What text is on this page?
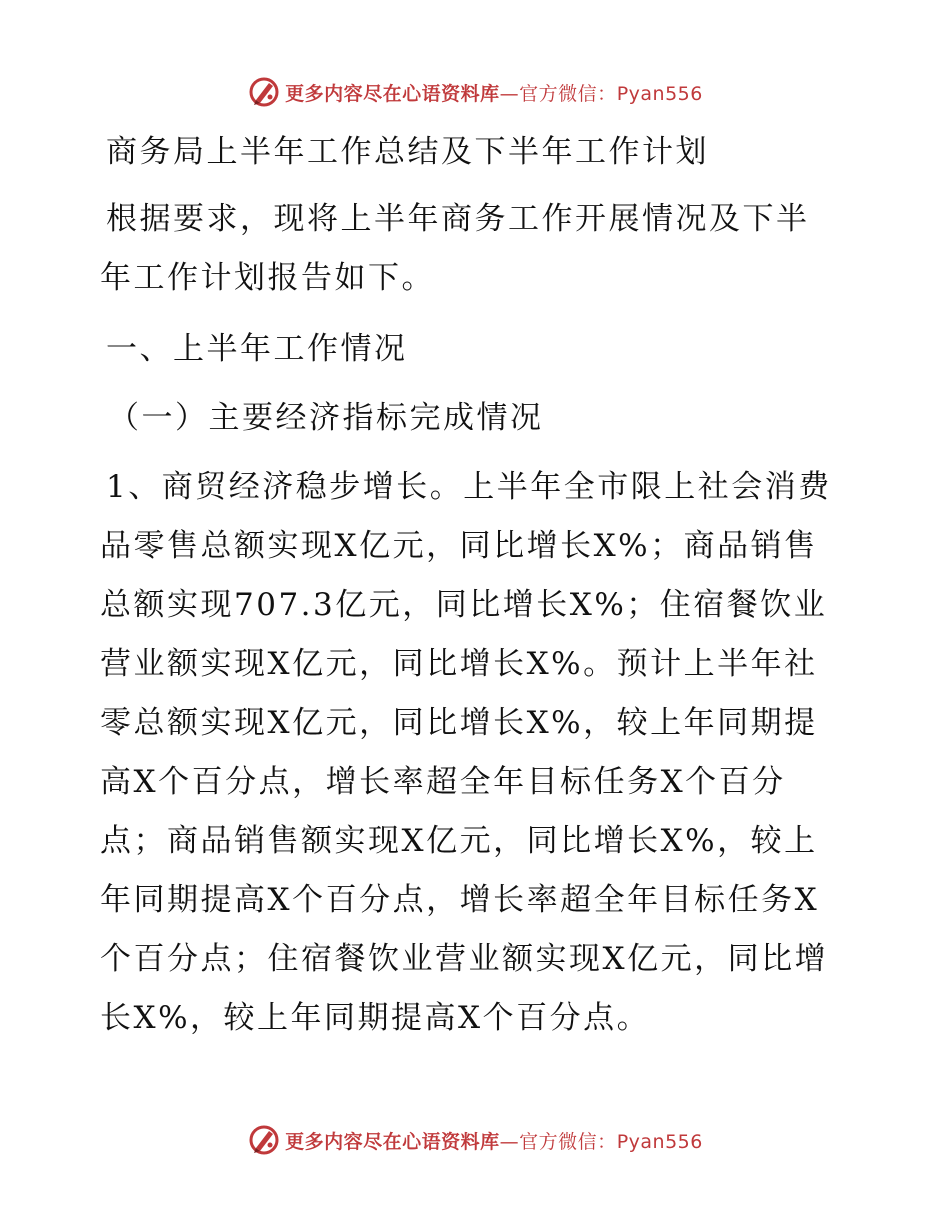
更多内容尽在心语资料库—官方微信：Pyan556

商务局上半年工作总结及下半年工作计划

根据要求，现将上半年商务工作开展情况及下半

年工作计划报告如下。

一、上半年工作情况

（一）主要经济指标完成情况

1、商贸经济稳步增长。上半年全市限上社会消费

品零售总额实现X亿元，同比增长X%；商品销售

总额实现707.3亿元，同比增长X%；住宿餐饮业

营业额实现X亿元，同比增长X%。预计上半年社

零总额实现X亿元，同比增长X%，较上年同期提

高X个百分点，增长率超全年目标任务X个百分

点；商品销售额实现X亿元，同比增长X%，较上

年同期提高X个百分点，增长率超全年目标任务X

个百分点；住宿餐饮业营业额实现X亿元，同比增

长X%，较上年同期提高X个百分点。

更多内容尽在心语资料库—官方微信：Pyan556
